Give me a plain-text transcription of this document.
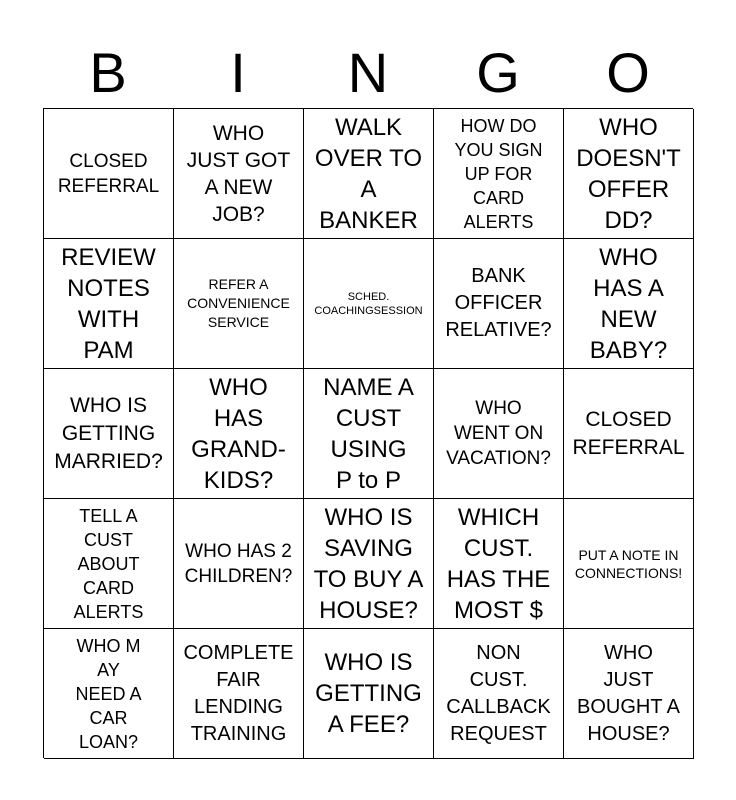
B	I	N	G	O
CLOSED
REFERRAL
WHO
JUST GOT
A NEW
JOB?
WALK
OVER TO
A
BANKER
HOW DO
YOU SIGN
UP FOR
CARD
ALERTS
WHO
DOESN'T
OFFER
DD?
REVIEW
NOTES
WITH
PAM
REFER A
CONVENIENCE
SERVICE
SCHED.
COACHINGSESSION
BANK
OFFICER
RELATIVE?
WHO
HAS A
NEW
BABY?
WHO IS
GETTING
MARRIED?
WHO
HAS
GRAND-
KIDS?
NAME A
CUST
USING
P to P
WHO
WENT ON
VACATION?
CLOSED
REFERRAL
TELL A
CUST
ABOUT
CARD
ALERTS
WHO HAS 2
CHILDREN?
WHO IS
SAVING
TO BUY A
HOUSE?
WHICH
CUST.
HAS THE
MOST $
PUT A NOTE IN
CONNECTIONS!
WHO M
AY
NEED A
CAR
LOAN?
COMPLETE
FAIR
LENDING
TRAINING
WHO IS
GETTING
A FEE?
NON
CUST.
CALLBACK
REQUEST
WHO
JUST
BOUGHT A
HOUSE?
